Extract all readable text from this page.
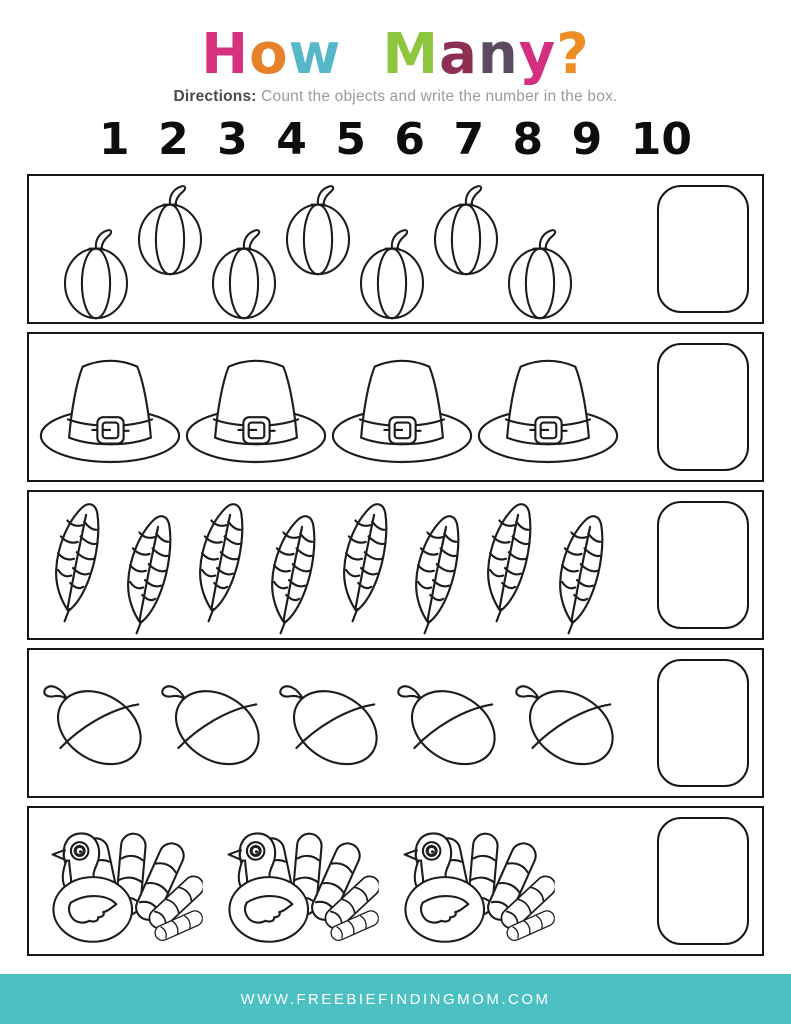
How Many?

Directions: Count the objects and write the number in the box.

1 2 3 4 5 6 7 8 9 10
WWW.FREEBIEFINDINGMOM.COM
